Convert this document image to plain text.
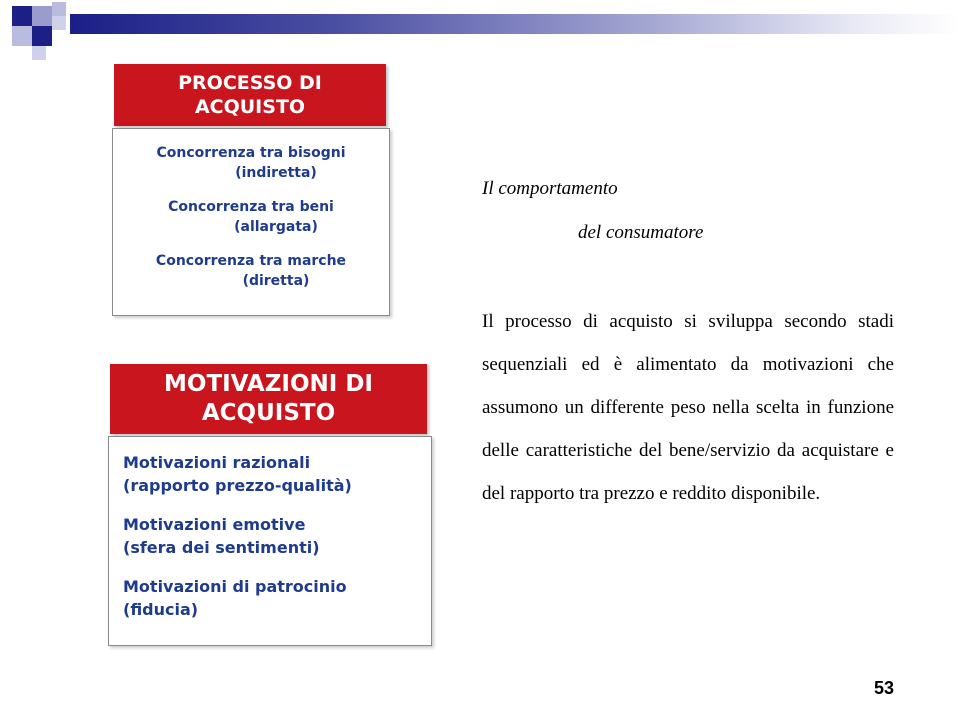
PROCESSO DI
ACQUISTO
Concorrenza tra bisogni
(indiretta)
Concorrenza tra beni
(allargata)
Concorrenza tra marche
(diretta)
MOTIVAZIONI DI
ACQUISTO
Motivazioni razionali
(rapporto prezzo-qualità)
Motivazioni emotive
(sfera dei sentimenti)
Motivazioni di patrocinio
(fiducia)
Il comportamento
del consumatore
Il processo di acquisto si sviluppa secondo stadi sequenziali ed è alimentato da motivazioni che assumono un differente peso nella scelta in funzione delle caratteristiche del bene/servizio da acquistare e del rapporto tra prezzo e reddito disponibile.
53
